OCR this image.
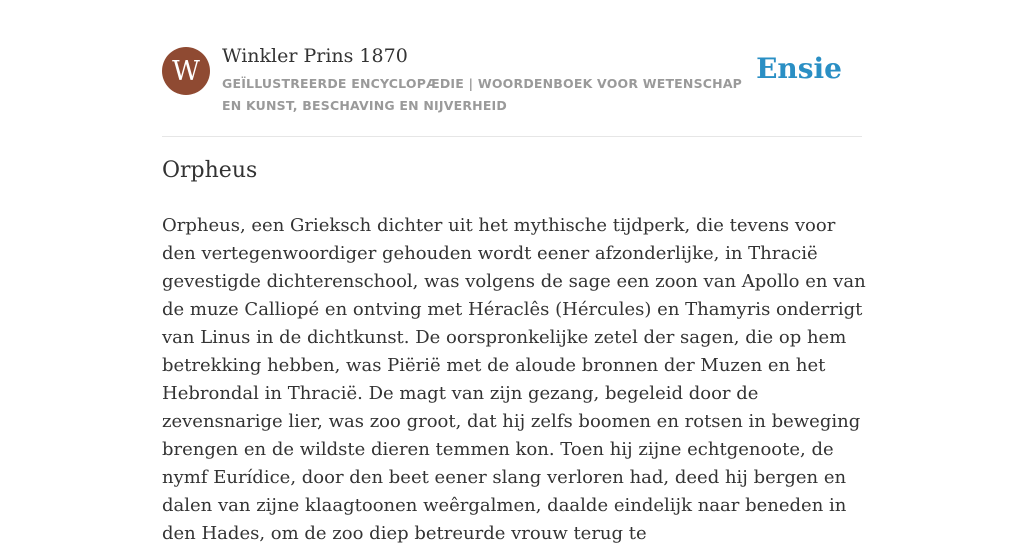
W	Winkler Prins 1870
GEÏLLUSTREERDE ENCYCLOPÆDIE | WOORDENBOEK VOOR WETENSCHAP EN KUNST, BESCHAVING EN NIJVERHEID
Ensie
Orpheus

Orpheus, een Grieksch dichter uit het mythische tijdperk, die tevens voor den vertegenwoordiger gehouden wordt eener afzonderlijke, in Thracië gevestigde dichterenschool, was volgens de sage een zoon van Apollo en van de muze Calliopé en ontving met Héraclês (Hércules) en Thamyris onderrigt van Linus in de dichtkunst. De oorspronkelijke zetel der sagen, die op hem betrekking hebben, was Piërië met de aloude bronnen der Muzen en het Hebrondal in Thracië. De magt van zijn gezang, begeleid door de zevensnarige lier, was zoo groot, dat hij zelfs boomen en rotsen in beweging brengen en de wildste dieren temmen kon. Toen hij zijne echtgenoote, de nymf Eurídice, door den beet eener slang verloren had, deed hij bergen en dalen van zijne klaagtoonen weêrgalmen, daalde eindelijk naar beneden in den Hades, om de zoo diep betreurde vrouw terug te
